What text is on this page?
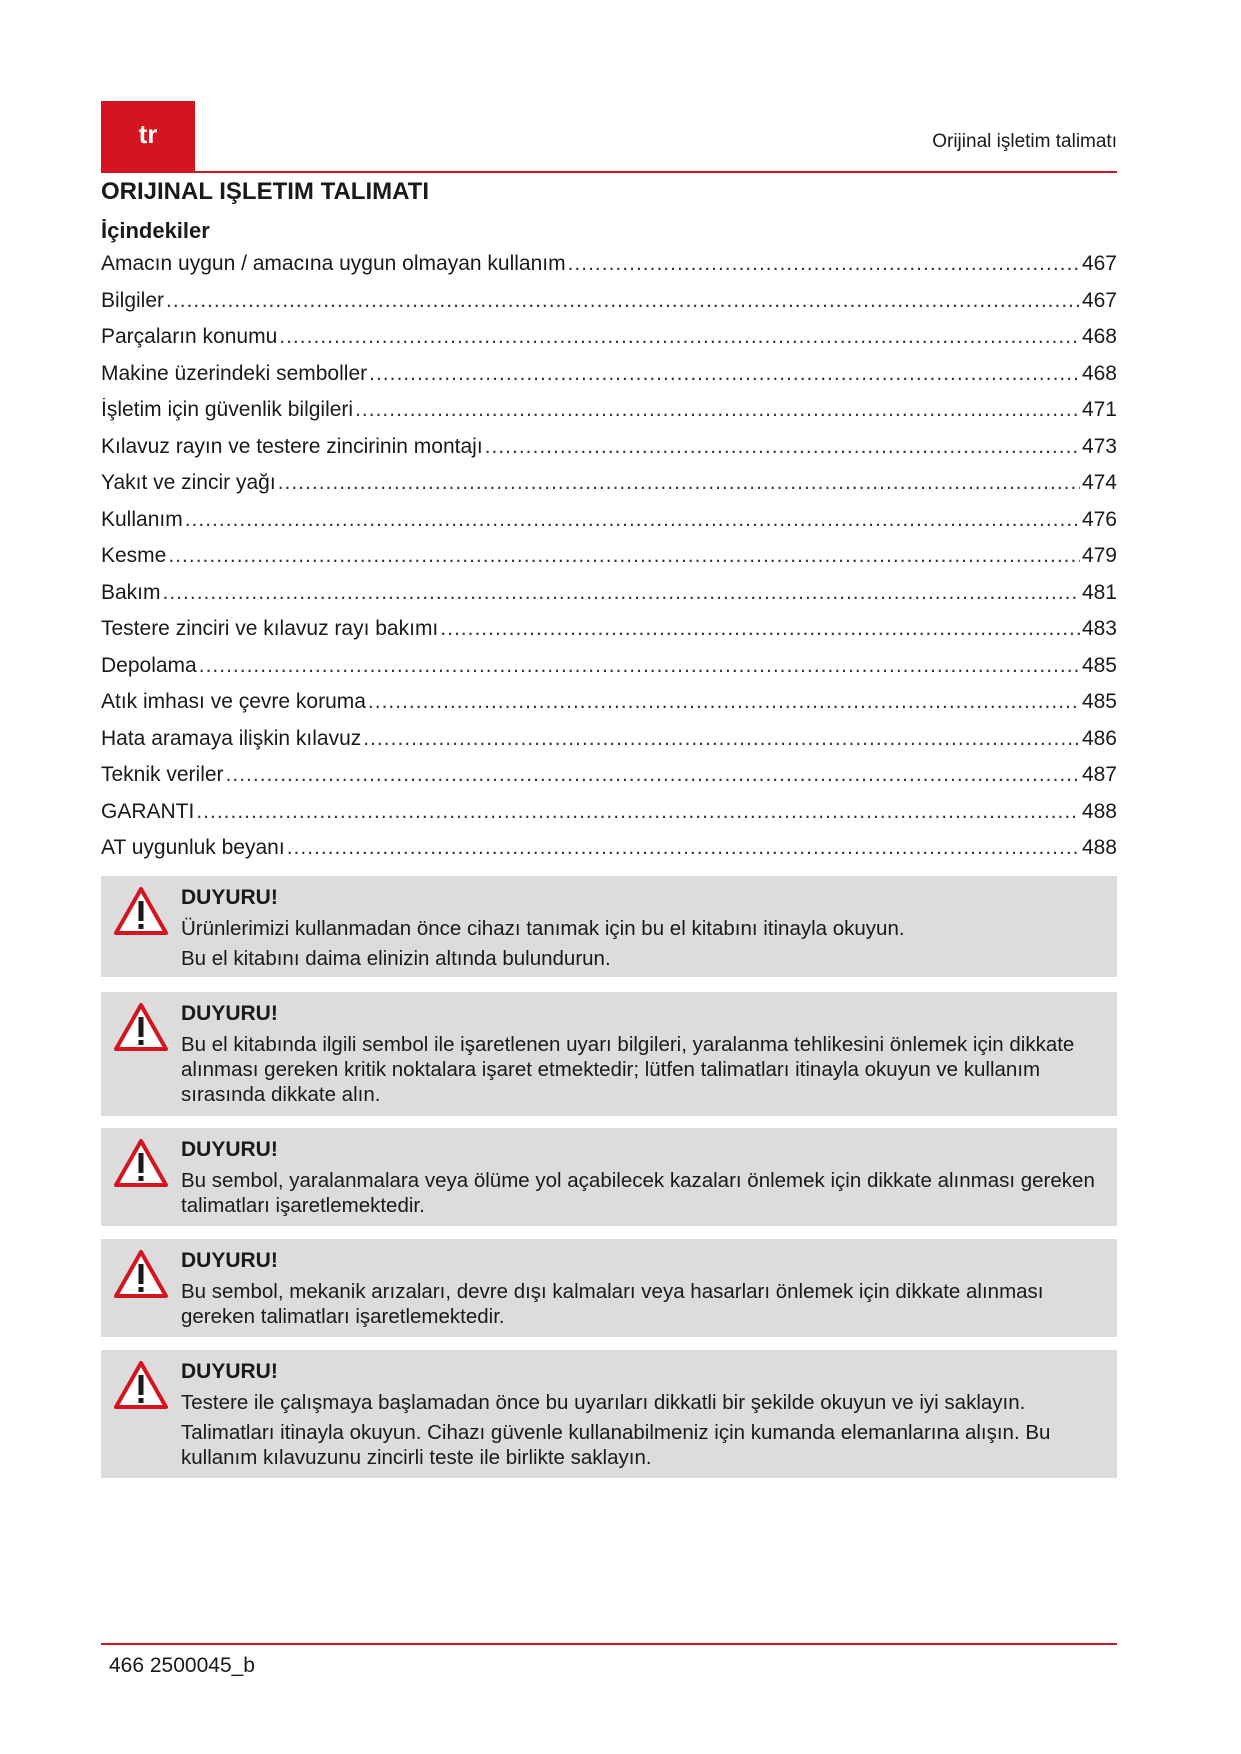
tr	Orijinal işletim talimatı
ORIJINAL IŞLETIM TALIMATI
İçindekiler
Amacın uygun / amacına uygun olmayan kullanım .....	467
Bilgiler .....	467
Parçaların konumu .....	468
Makine üzerindeki semboller .....	468
İşletim için güvenlik bilgileri .....	471
Kılavuz rayın ve testere zincirinin montajı .....	473
Yakıt ve zincir yağı .....	474
Kullanım .....	476
Kesme .....	479
Bakım .....	481
Testere zinciri ve kılavuz rayı bakımı .....	483
Depolama .....	485
Atık imhası ve çevre koruma .....	485
Hata aramaya ilişkin kılavuz .....	486
Teknik veriler .....	487
GARANTI .....	488
AT uygunluk beyanı .....	488

DUYURU!

Ürünlerimizi kullanmadan önce cihazı tanımak için bu el kitabını itinayla okuyun.

Bu el kitabını daima elinizin altında bulundurun.

DUYURU!

Bu el kitabında ilgili sembol ile işaretlenen uyarı bilgileri, yaralanma tehlikesini önlemek için dikkate alınması gereken kritik noktalara işaret etmektedir; lütfen talimatları itinayla okuyun ve kullanım sırasında dikkate alın.

DUYURU!

Bu sembol, yaralanmalara veya ölüme yol açabilecek kazaları önlemek için dikkate alınması gereken talimatları işaretlemektedir.

DUYURU!

Bu sembol, mekanik arızaları, devre dışı kalmaları veya hasarları önlemek için dikkate alınması gereken talimatları işaretlemektedir.

DUYURU!

Testere ile çalışmaya başlamadan önce bu uyarıları dikkatli bir şekilde okuyun ve iyi saklayın.

Talimatları itinayla okuyun. Cihazı güvenle kullanabilmeniz için kumanda elemanlarına alışın. Bu kullanım kılavuzunu zincirli teste ile birlikte saklayın.

466 2500045_b
